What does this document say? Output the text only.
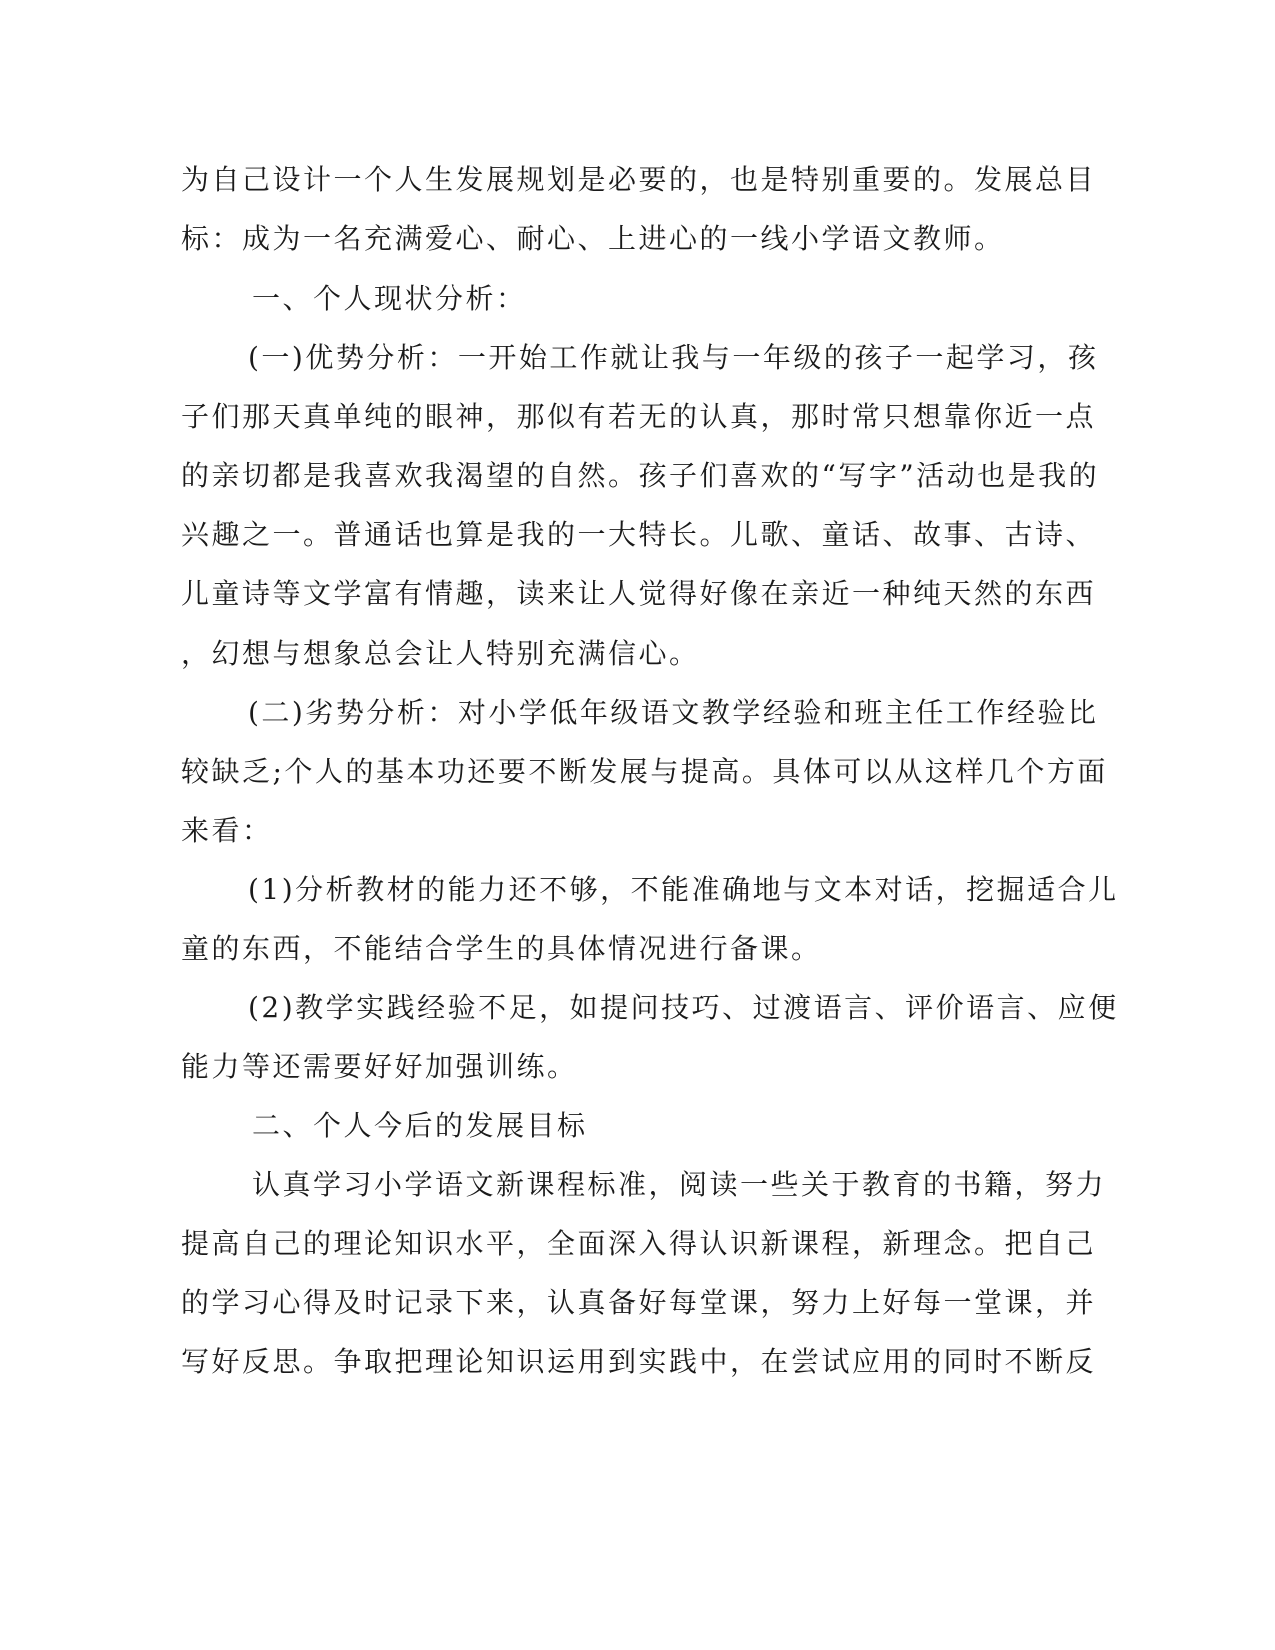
为自己设计一个人生发展规划是必要的，也是特别重要的。发展总目
标：成为一名充满爱心、耐心、上进心的一线小学语文教师。
一、个人现状分析：
(一)优势分析：一开始工作就让我与一年级的孩子一起学习，孩
子们那天真单纯的眼神，那似有若无的认真，那时常只想靠你近一点
的亲切都是我喜欢我渴望的自然。孩子们喜欢的“写字”活动也是我的
兴趣之一。普通话也算是我的一大特长。儿歌、童话、故事、古诗、
儿童诗等文学富有情趣，读来让人觉得好像在亲近一种纯天然的东西
，幻想与想象总会让人特别充满信心。
(二)劣势分析：对小学低年级语文教学经验和班主任工作经验比
较缺乏;个人的基本功还要不断发展与提高。具体可以从这样几个方面
来看：
(1)分析教材的能力还不够，不能准确地与文本对话，挖掘适合儿
童的东西，不能结合学生的具体情况进行备课。
(2)教学实践经验不足，如提问技巧、过渡语言、评价语言、应便
能力等还需要好好加强训练。
二、个人今后的发展目标
认真学习小学语文新课程标准，阅读一些关于教育的书籍，努力
提高自己的理论知识水平，全面深入得认识新课程，新理念。把自己
的学习心得及时记录下来，认真备好每堂课，努力上好每一堂课，并
写好反思。争取把理论知识运用到实践中，在尝试应用的同时不断反
